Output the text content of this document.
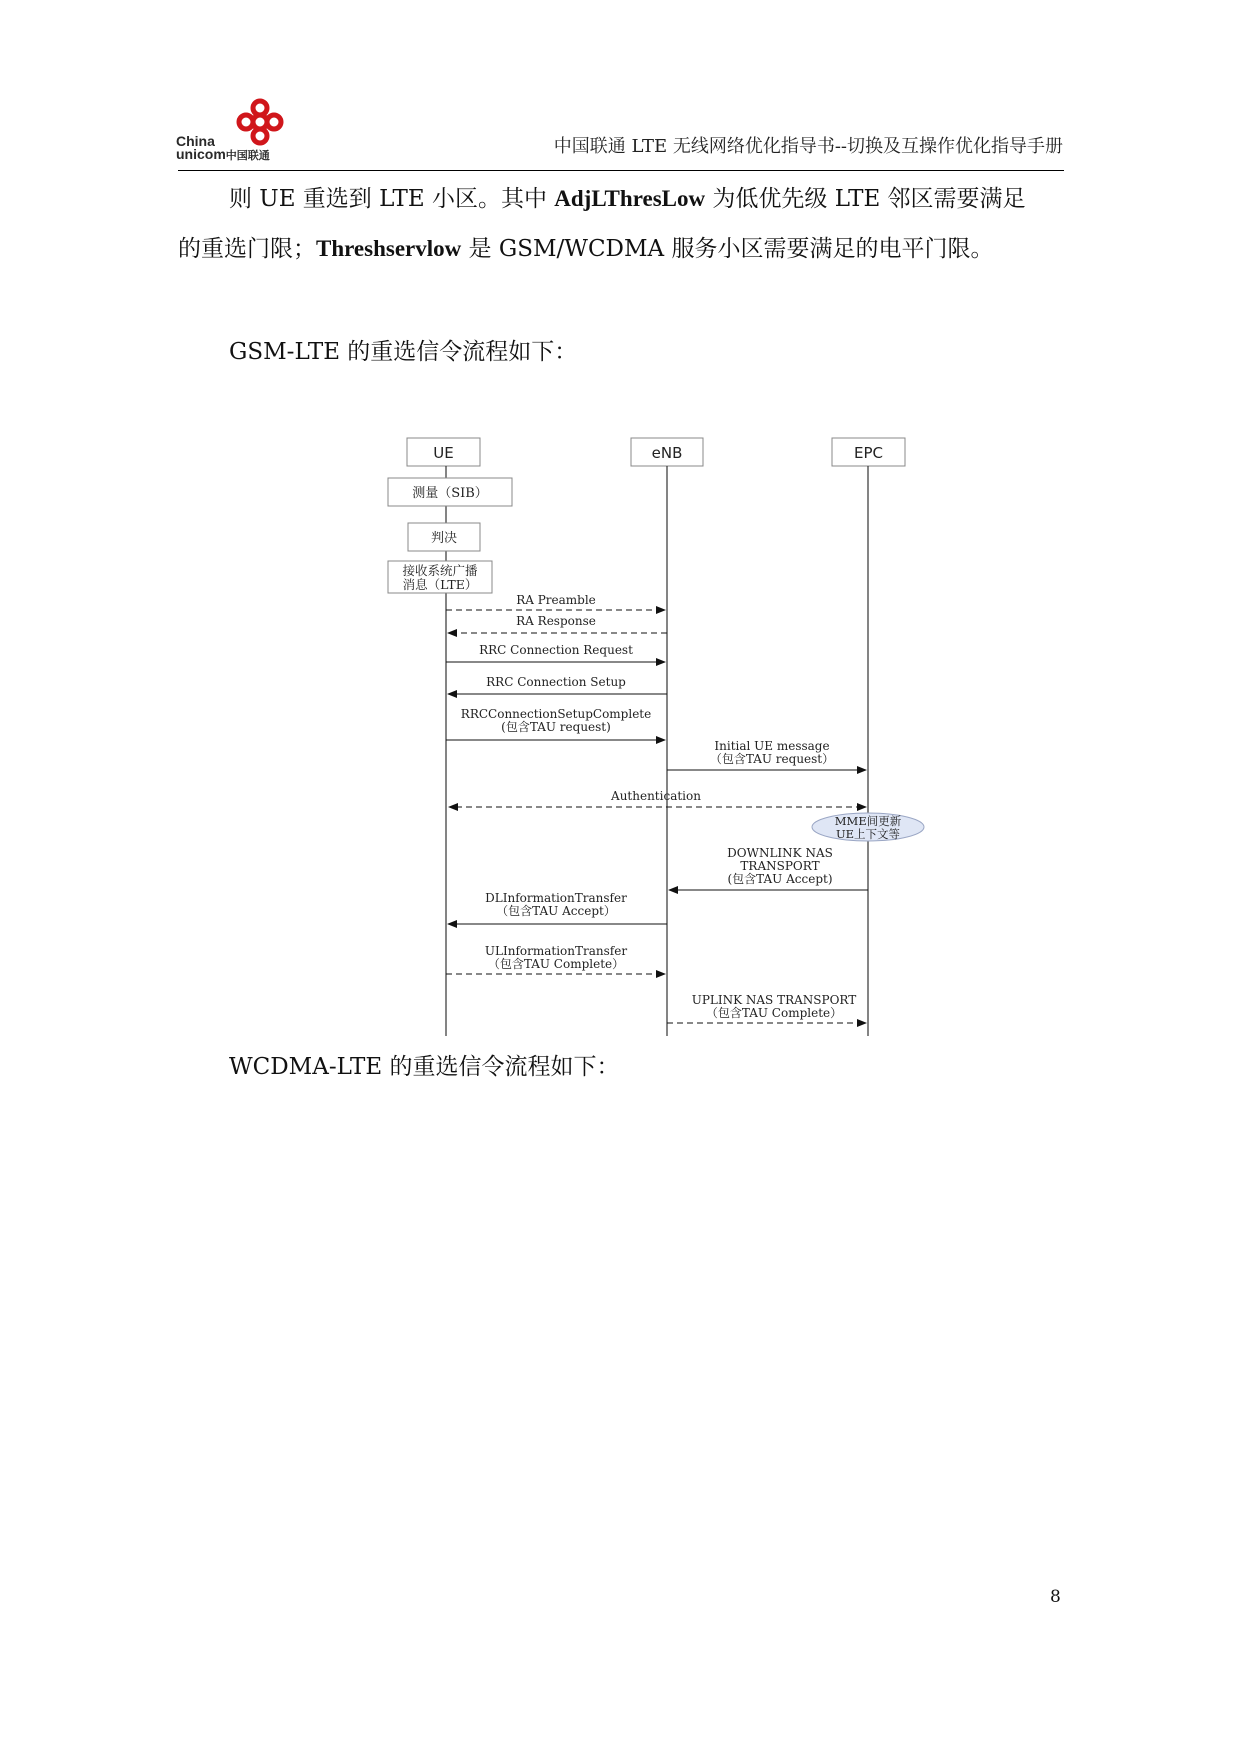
China
unicom中国联通	中国联通 LTE 无线网络优化指导书--切换及互操作优化指导手册
则 UE 重选到 LTE 小区。其中 AdjLThresLow 为低优先级 LTE 邻区需要满足
的重选门限；Threshservlow 是 GSM/WCDMA 服务小区需要满足的电平门限。
GSM-LTE 的重选信令流程如下：
UE	eNB	EPC
测量（SIB）
判决
接收系统广播
消息（LTE）
RA Preamble
RA Response
RRC Connection Request
RRC Connection Setup
RRCConnectionSetupComplete
(包含TAU request)
Initial UE message
（包含TAU request）
Authentication
MME间更新
UE上下文等
DOWNLINK NAS
TRANSPORT
(包含TAU Accept)
DLInformationTransfer
（包含TAU Accept）
ULInformationTransfer
（包含TAU Complete）
UPLINK NAS TRANSPORT
（包含TAU Complete）
WCDMA-LTE 的重选信令流程如下：
8
